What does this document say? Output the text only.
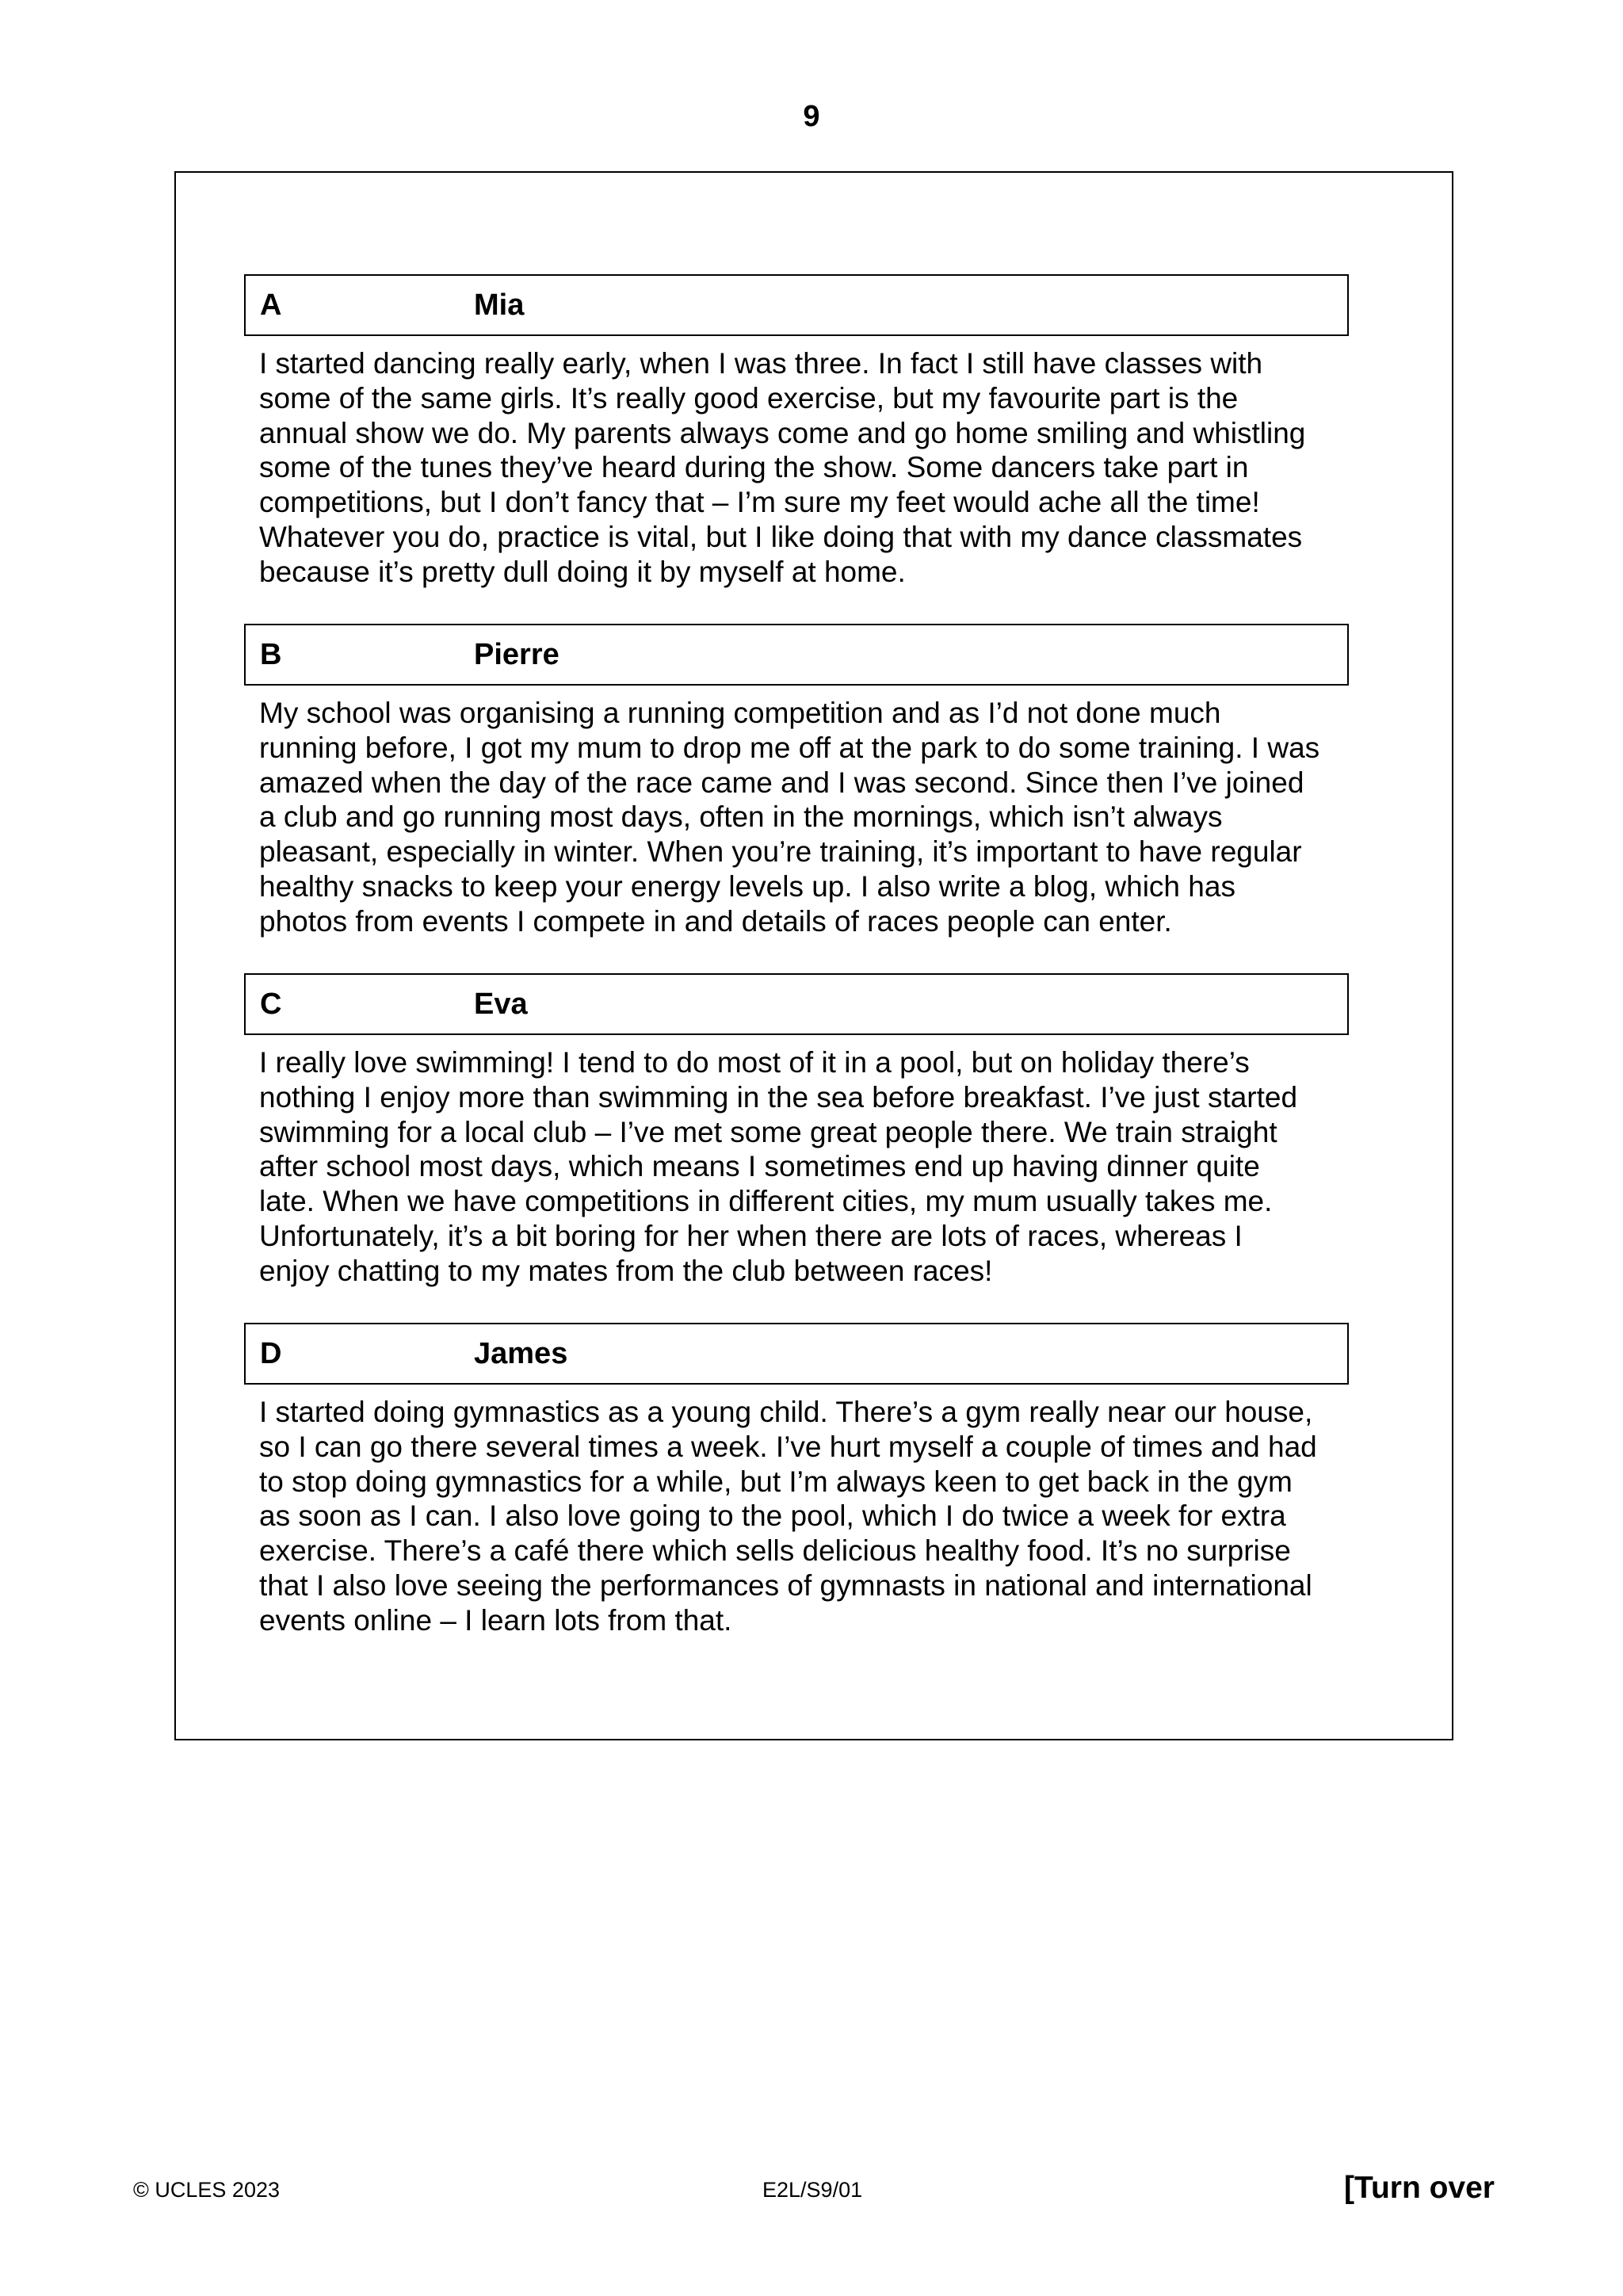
9
A	Mia
I started dancing really early, when I was three. In fact I still have classes with
some of the same girls. It’s really good exercise, but my favourite part is the
annual show we do. My parents always come and go home smiling and whistling
some of the tunes they’ve heard during the show. Some dancers take part in
competitions, but I don’t fancy that – I’m sure my feet would ache all the time!
Whatever you do, practice is vital, but I like doing that with my dance classmates
because it’s pretty dull doing it by myself at home.
B	Pierre
My school was organising a running competition and as I’d not done much
running before, I got my mum to drop me off at the park to do some training. I was
amazed when the day of the race came and I was second. Since then I’ve joined
a club and go running most days, often in the mornings, which isn’t always
pleasant, especially in winter. When you’re training, it’s important to have regular
healthy snacks to keep your energy levels up. I also write a blog, which has
photos from events I compete in and details of races people can enter.
C	Eva
I really love swimming! I tend to do most of it in a pool, but on holiday there’s
nothing I enjoy more than swimming in the sea before breakfast. I’ve just started
swimming for a local club – I’ve met some great people there. We train straight
after school most days, which means I sometimes end up having dinner quite
late. When we have competitions in different cities, my mum usually takes me.
Unfortunately, it’s a bit boring for her when there are lots of races, whereas I
enjoy chatting to my mates from the club between races!
D	James
I started doing gymnastics as a young child. There’s a gym really near our house,
so I can go there several times a week. I’ve hurt myself a couple of times and had
to stop doing gymnastics for a while, but I’m always keen to get back in the gym
as soon as I can. I also love going to the pool, which I do twice a week for extra
exercise. There’s a café there which sells delicious healthy food. It’s no surprise
that I also love seeing the performances of gymnasts in national and international
events online – I learn lots from that.
© UCLES 2023	E2L/S9/01	[Turn over
